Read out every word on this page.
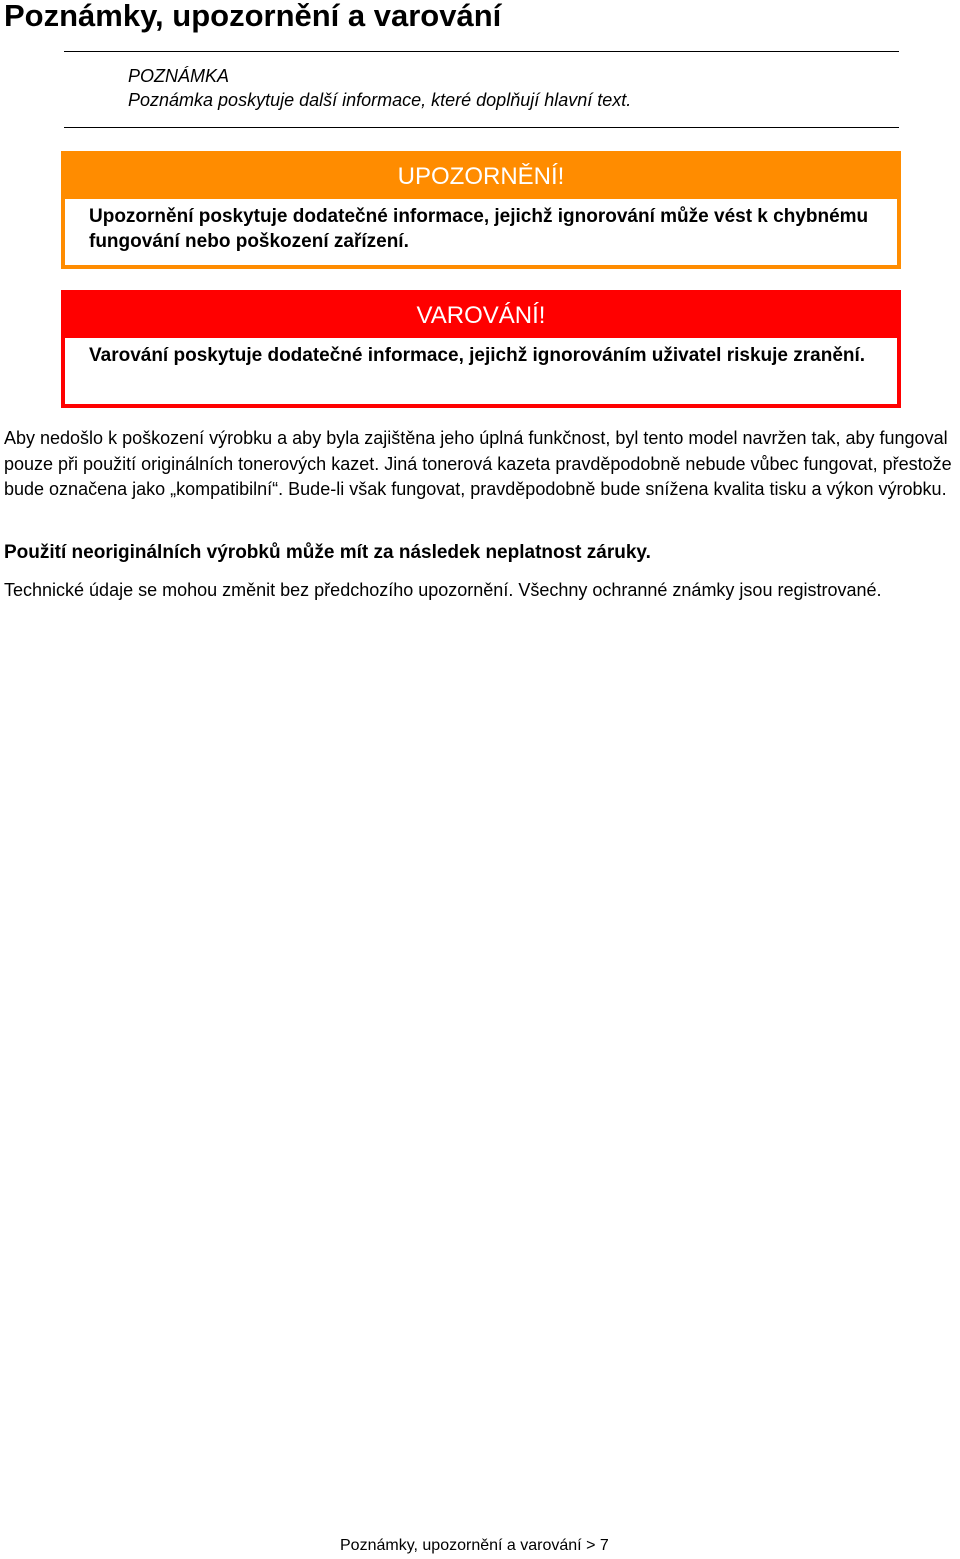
Poznámky, upozornění a varování
POZNÁMKA
Poznámka poskytuje další informace, které doplňují hlavní text.
UPOZORNĚNÍ!
Upozornění poskytuje dodatečné informace, jejichž ignorování může vést k chybnému fungování nebo poškození zařízení.
VAROVÁNÍ!
Varování poskytuje dodatečné informace, jejichž ignorováním uživatel riskuje zranění.

Aby nedošlo k poškození výrobku a aby byla zajištěna jeho úplná funkčnost, byl tento model navržen tak, aby fungoval pouze při použití originálních tonerových kazet. Jiná tonerová kazeta pravděpodobně nebude vůbec fungovat, přestože bude označena jako „kompatibilní“. Bude-li však fungovat, pravděpodobně bude snížena kvalita tisku a výkon výrobku.

Použití neoriginálních výrobků může mít za následek neplatnost záruky.

Technické údaje se mohou změnit bez předchozího upozornění. Všechny ochranné známky jsou registrované.

Poznámky, upozornění a varování > 7
